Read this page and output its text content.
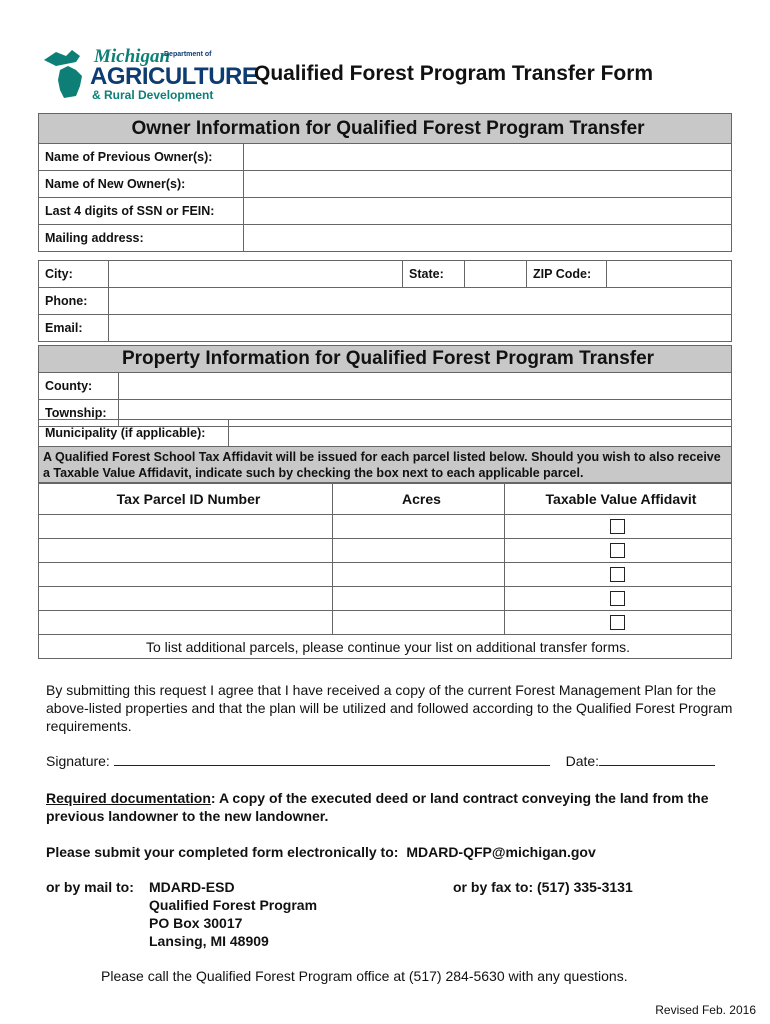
Michigan
Department of
AGRICULTURE
& Rural Development
Qualified Forest Program Transfer Form
Owner Information for Qualified Forest Program Transfer	
Name of Previous Owner(s):	
Name of New Owner(s):	
Last 4 digits of SSN or FEIN:	
Mailing address:	
City:		State:		ZIP Code:	
Phone:					
Email:					
Property Information for Qualified Forest Program Transfer	
County:	
Township:	
Municipality (if applicable):	
A Qualified Forest School Tax Affidavit will be issued for each parcel listed below. Should you wish to also receive a Taxable Value Affidavit, indicate such by checking the box next to each applicable parcel.
Tax Parcel ID Number	Acres	Taxable Value Affidavit

To list additional parcels, please continue your list on additional transfer forms.		
By submitting this request I agree that I have received a copy of the current Forest Management Plan for the above-listed properties and that the plan will be utilized and followed according to the Qualified Forest Program requirements.
Signature:	Date:
Required documentation: A copy of the executed deed or land contract conveying the land from the previous landowner to the new landowner.
Please submit your completed form electronically to: MDARD-QFP@michigan.gov
or by mail to: MDARD-ESD
Qualified Forest Program
PO Box 30017
Lansing, MI 48909
or by fax to: (517) 335-3131
Please call the Qualified Forest Program office at (517) 284-5630 with any questions.
Revised Feb. 2016
